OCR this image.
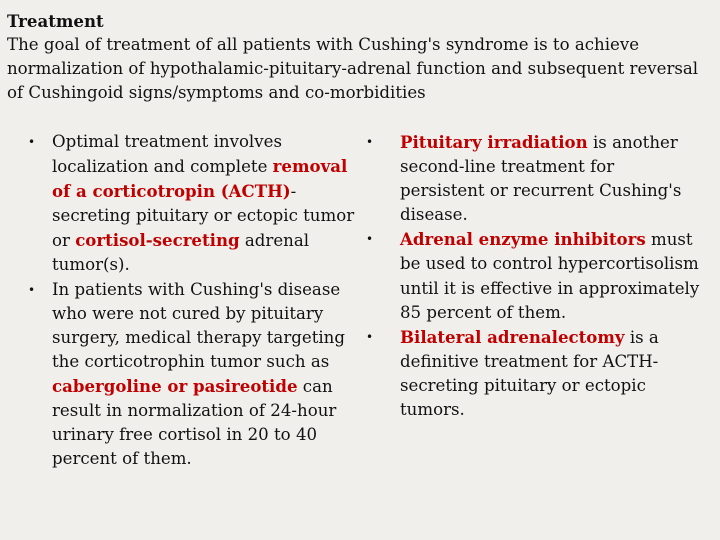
Treatment
The goal of treatment of all patients with Cushing's syndrome is to achieve normalization of hypothalamic-pituitary-adrenal function and subsequent reversal of Cushingoid signs/symptoms and co-morbidities
• Optimal treatment involves localization and complete removal of a corticotropin (ACTH)-secreting pituitary or ectopic tumor or cortisol-secreting adrenal tumor(s).
• In patients with Cushing's disease who were not cured by pituitary surgery, medical therapy targeting the corticotrophin tumor such as cabergoline or pasireotide can result in normalization of 24-hour urinary free cortisol in 20 to 40 percent of them.
• Pituitary irradiation is another second-line treatment for persistent or recurrent Cushing's disease.
• Adrenal enzyme inhibitors must be used to control hypercortisolism until it is effective in approximately 85 percent of them.
• Bilateral adrenalectomy is a definitive treatment for ACTH-secreting pituitary or ectopic tumors.
